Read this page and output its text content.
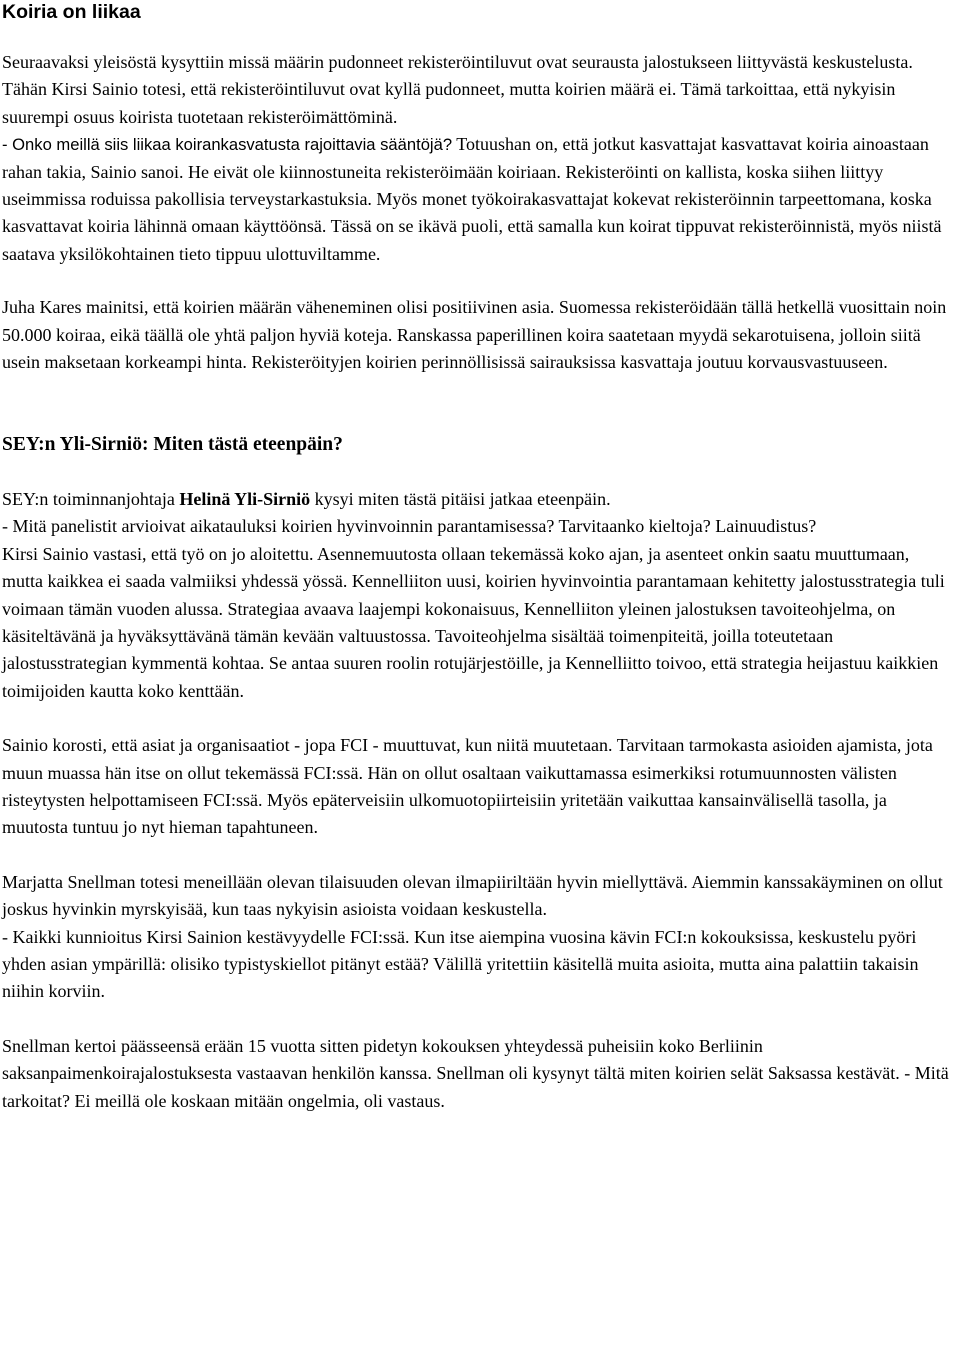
Koiria on liikaa

Seuraavaksi yleisöstä kysyttiin missä määrin pudonneet rekisteröintiluvut ovat seurausta jalostukseen liittyvästä keskustelusta. Tähän Kirsi Sainio totesi, että rekisteröintiluvut ovat kyllä pudonneet, mutta koirien määrä ei. Tämä tarkoittaa, että nykyisin suurempi osuus koirista tuotetaan rekisteröimättöminä.
- Onko meillä siis liikaa koirankasvatusta rajoittavia sääntöjä? Totuushan on, että jotkut kasvattajat kasvattavat koiria ainoastaan rahan takia, Sainio sanoi. He eivät ole kiinnostuneita rekisteröimään koiriaan. Rekisteröinti on kallista, koska siihen liittyy useimmissa roduissa pakollisia terveystarkastuksia. Myös monet työkoirakasvattajat kokevat rekisteröinnin tarpeettomana, koska kasvattavat koiria lähinnä omaan käyttöönsä. Tässä on se ikävä puoli, että samalla kun koirat tippuvat rekisteröinnistä, myös niistä saatava yksilökohtainen tieto tippuu ulottuviltamme.

Juha Kares mainitsi, että koirien määrän väheneminen olisi positiivinen asia. Suomessa rekisteröidään tällä hetkellä vuosittain noin 50.000 koiraa, eikä täällä ole yhtä paljon hyviä koteja. Ranskassa paperillinen koira saatetaan myydä sekarotuisena, jolloin siitä usein maksetaan korkeampi hinta. Rekisteröityjen koirien perinnöllisissä sairauksissa kasvattaja joutuu korvausvastuuseen.

SEY:n Yli-Sirniö: Miten tästä eteenpäin?

SEY:n toiminnanjohtaja Helinä Yli-Sirniö kysyi miten tästä pitäisi jatkaa eteenpäin.
- Mitä panelistit arvioivat aikatauluksi koirien hyvinvoinnin parantamisessa? Tarvitaanko kieltoja? Lainuudistus?
Kirsi Sainio vastasi, että työ on jo aloitettu. Asennemuutosta ollaan tekemässä koko ajan, ja asenteet onkin saatu muuttumaan, mutta kaikkea ei saada valmiiksi yhdessä yössä. Kennelliiton uusi, koirien hyvinvointia parantamaan kehitetty jalostusstrategia tuli voimaan tämän vuoden alussa. Strategiaa avaava laajempi kokonaisuus, Kennelliiton yleinen jalostuksen tavoiteohjelma, on käsiteltävänä ja hyväksyttävänä tämän kevään valtuustossa. Tavoiteohjelma sisältää toimenpiteitä, joilla toteutetaan jalostusstrategian kymmentä kohtaa. Se antaa suuren roolin rotujärjestöille, ja Kennelliitto toivoo, että strategia heijastuu kaikkien toimijoiden kautta koko kenttään.

Sainio korosti, että asiat ja organisaatiot - jopa FCI - muuttuvat, kun niitä muutetaan. Tarvitaan tarmokasta asioiden ajamista, jota muun muassa hän itse on ollut tekemässä FCI:ssä. Hän on ollut osaltaan vaikuttamassa esimerkiksi rotumuunnosten välisten risteytysten helpottamiseen FCI:ssä. Myös epäterveisiin ulkomuotopiirteisiin yritetään vaikuttaa kansainvälisellä tasolla, ja muutosta tuntuu jo nyt hieman tapahtuneen.

Marjatta Snellman totesi meneillään olevan tilaisuuden olevan ilmapiiriltään hyvin miellyttävä. Aiemmin kanssakäyminen on ollut joskus hyvinkin myrskyisää, kun taas nykyisin asioista voidaan keskustella.
- Kaikki kunnioitus Kirsi Sainion kestävyydelle FCI:ssä. Kun itse aiempina vuosina kävin FCI:n kokouksissa, keskustelu pyöri yhden asian ympärillä: olisiko typistyskiellot pitänyt estää? Välillä yritettiin käsitellä muita asioita, mutta aina palattiin takaisin niihin korviin.

Snellman kertoi päässeensä erään 15 vuotta sitten pidetyn kokouksen yhteydessä puheisiin koko Berliinin saksanpaimenkoirajalostuksesta vastaavan henkilön kanssa. Snellman oli kysynyt tältä miten koirien selät Saksassa kestävät. - Mitä tarkoitat? Ei meillä ole koskaan mitään ongelmia, oli vastaus.
